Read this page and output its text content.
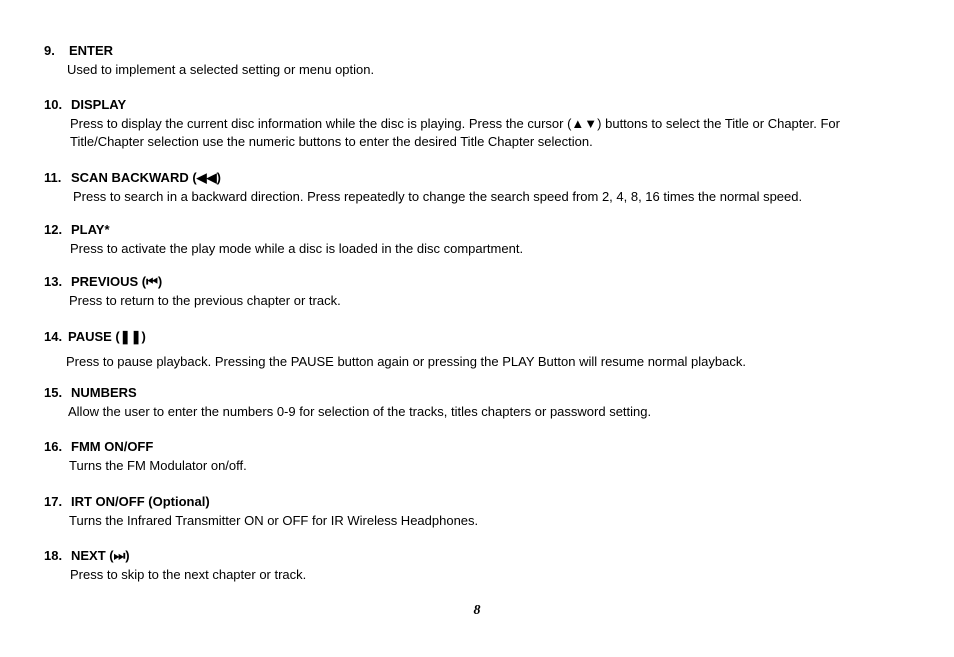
9. ENTER
Used to implement a selected setting or menu option.
10. DISPLAY
Press to display the current disc information while the disc is playing. Press the cursor (▲▼) buttons to select the Title or Chapter. For Title/Chapter selection use the numeric buttons to enter the desired Title Chapter selection.
11. SCAN BACKWARD (◀◀)
Press to search in a backward direction. Press repeatedly to change the search speed from 2, 4, 8, 16 times the normal speed.
12. PLAY*
Press to activate the play mode while a disc is loaded in the disc compartment.
13. PREVIOUS (⏮)
Press to return to the previous chapter or track.
14. PAUSE (❚❚)
Press to pause playback. Pressing the PAUSE button again or pressing the PLAY Button will resume normal playback.
15. NUMBERS
Allow the user to enter the numbers 0-9 for selection of the tracks, titles chapters or password setting.
16. FMM ON/OFF
Turns the FM Modulator on/off.
17. IRT ON/OFF (Optional)
Turns the Infrared Transmitter ON or OFF for IR Wireless Headphones.
18. NEXT (⏭)
Press to skip to the next chapter or track.
8
